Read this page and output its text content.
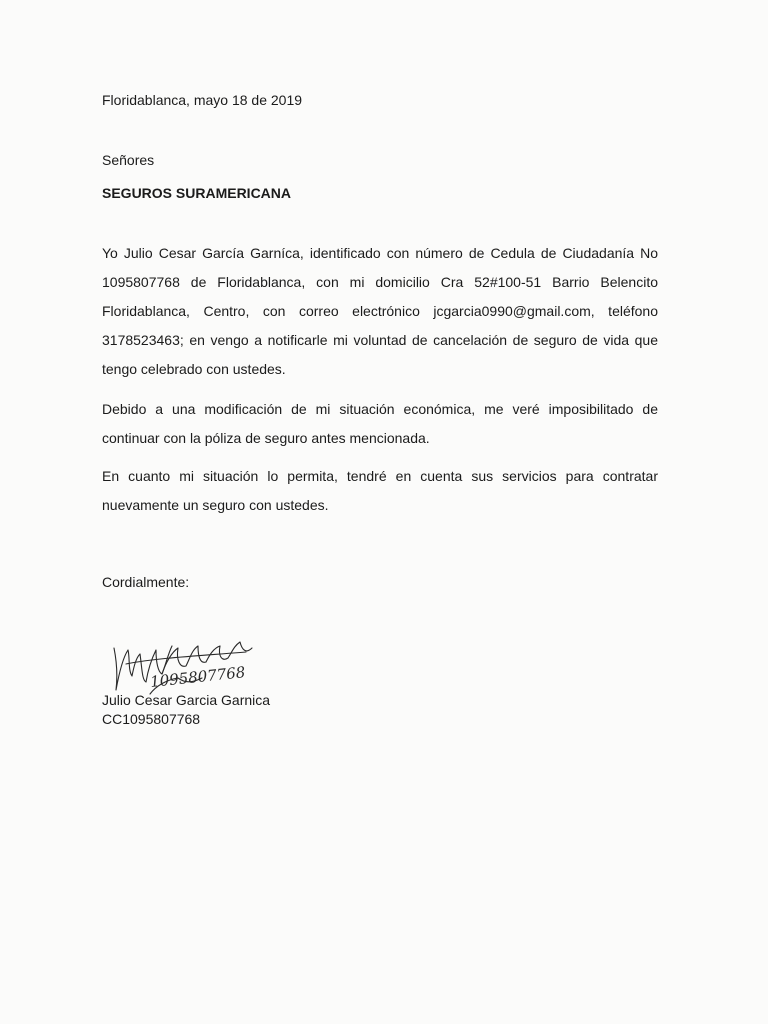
Floridablanca, mayo 18 de 2019
Señores
SEGUROS SURAMERICANA

Yo Julio Cesar García Garníca, identificado con número de Cedula de Ciudadanía No 1095807768 de Floridablanca, con mi domicilio Cra 52#100-51 Barrio Belencito Floridablanca, Centro, con correo electrónico jcgarcia0990@gmail.com, teléfono 3178523463; en vengo a notificarle mi voluntad de cancelación de seguro de vida que tengo celebrado con ustedes.

Debido a una modificación de mi situación económica, me veré imposibilitado de continuar con la póliza de seguro antes mencionada.

En cuanto mi situación lo permita, tendré en cuenta sus servicios para contratar nuevamente un seguro con ustedes.

Cordialmente:
1095807768
Julio Cesar Garcia Garnica
CC1095807768
